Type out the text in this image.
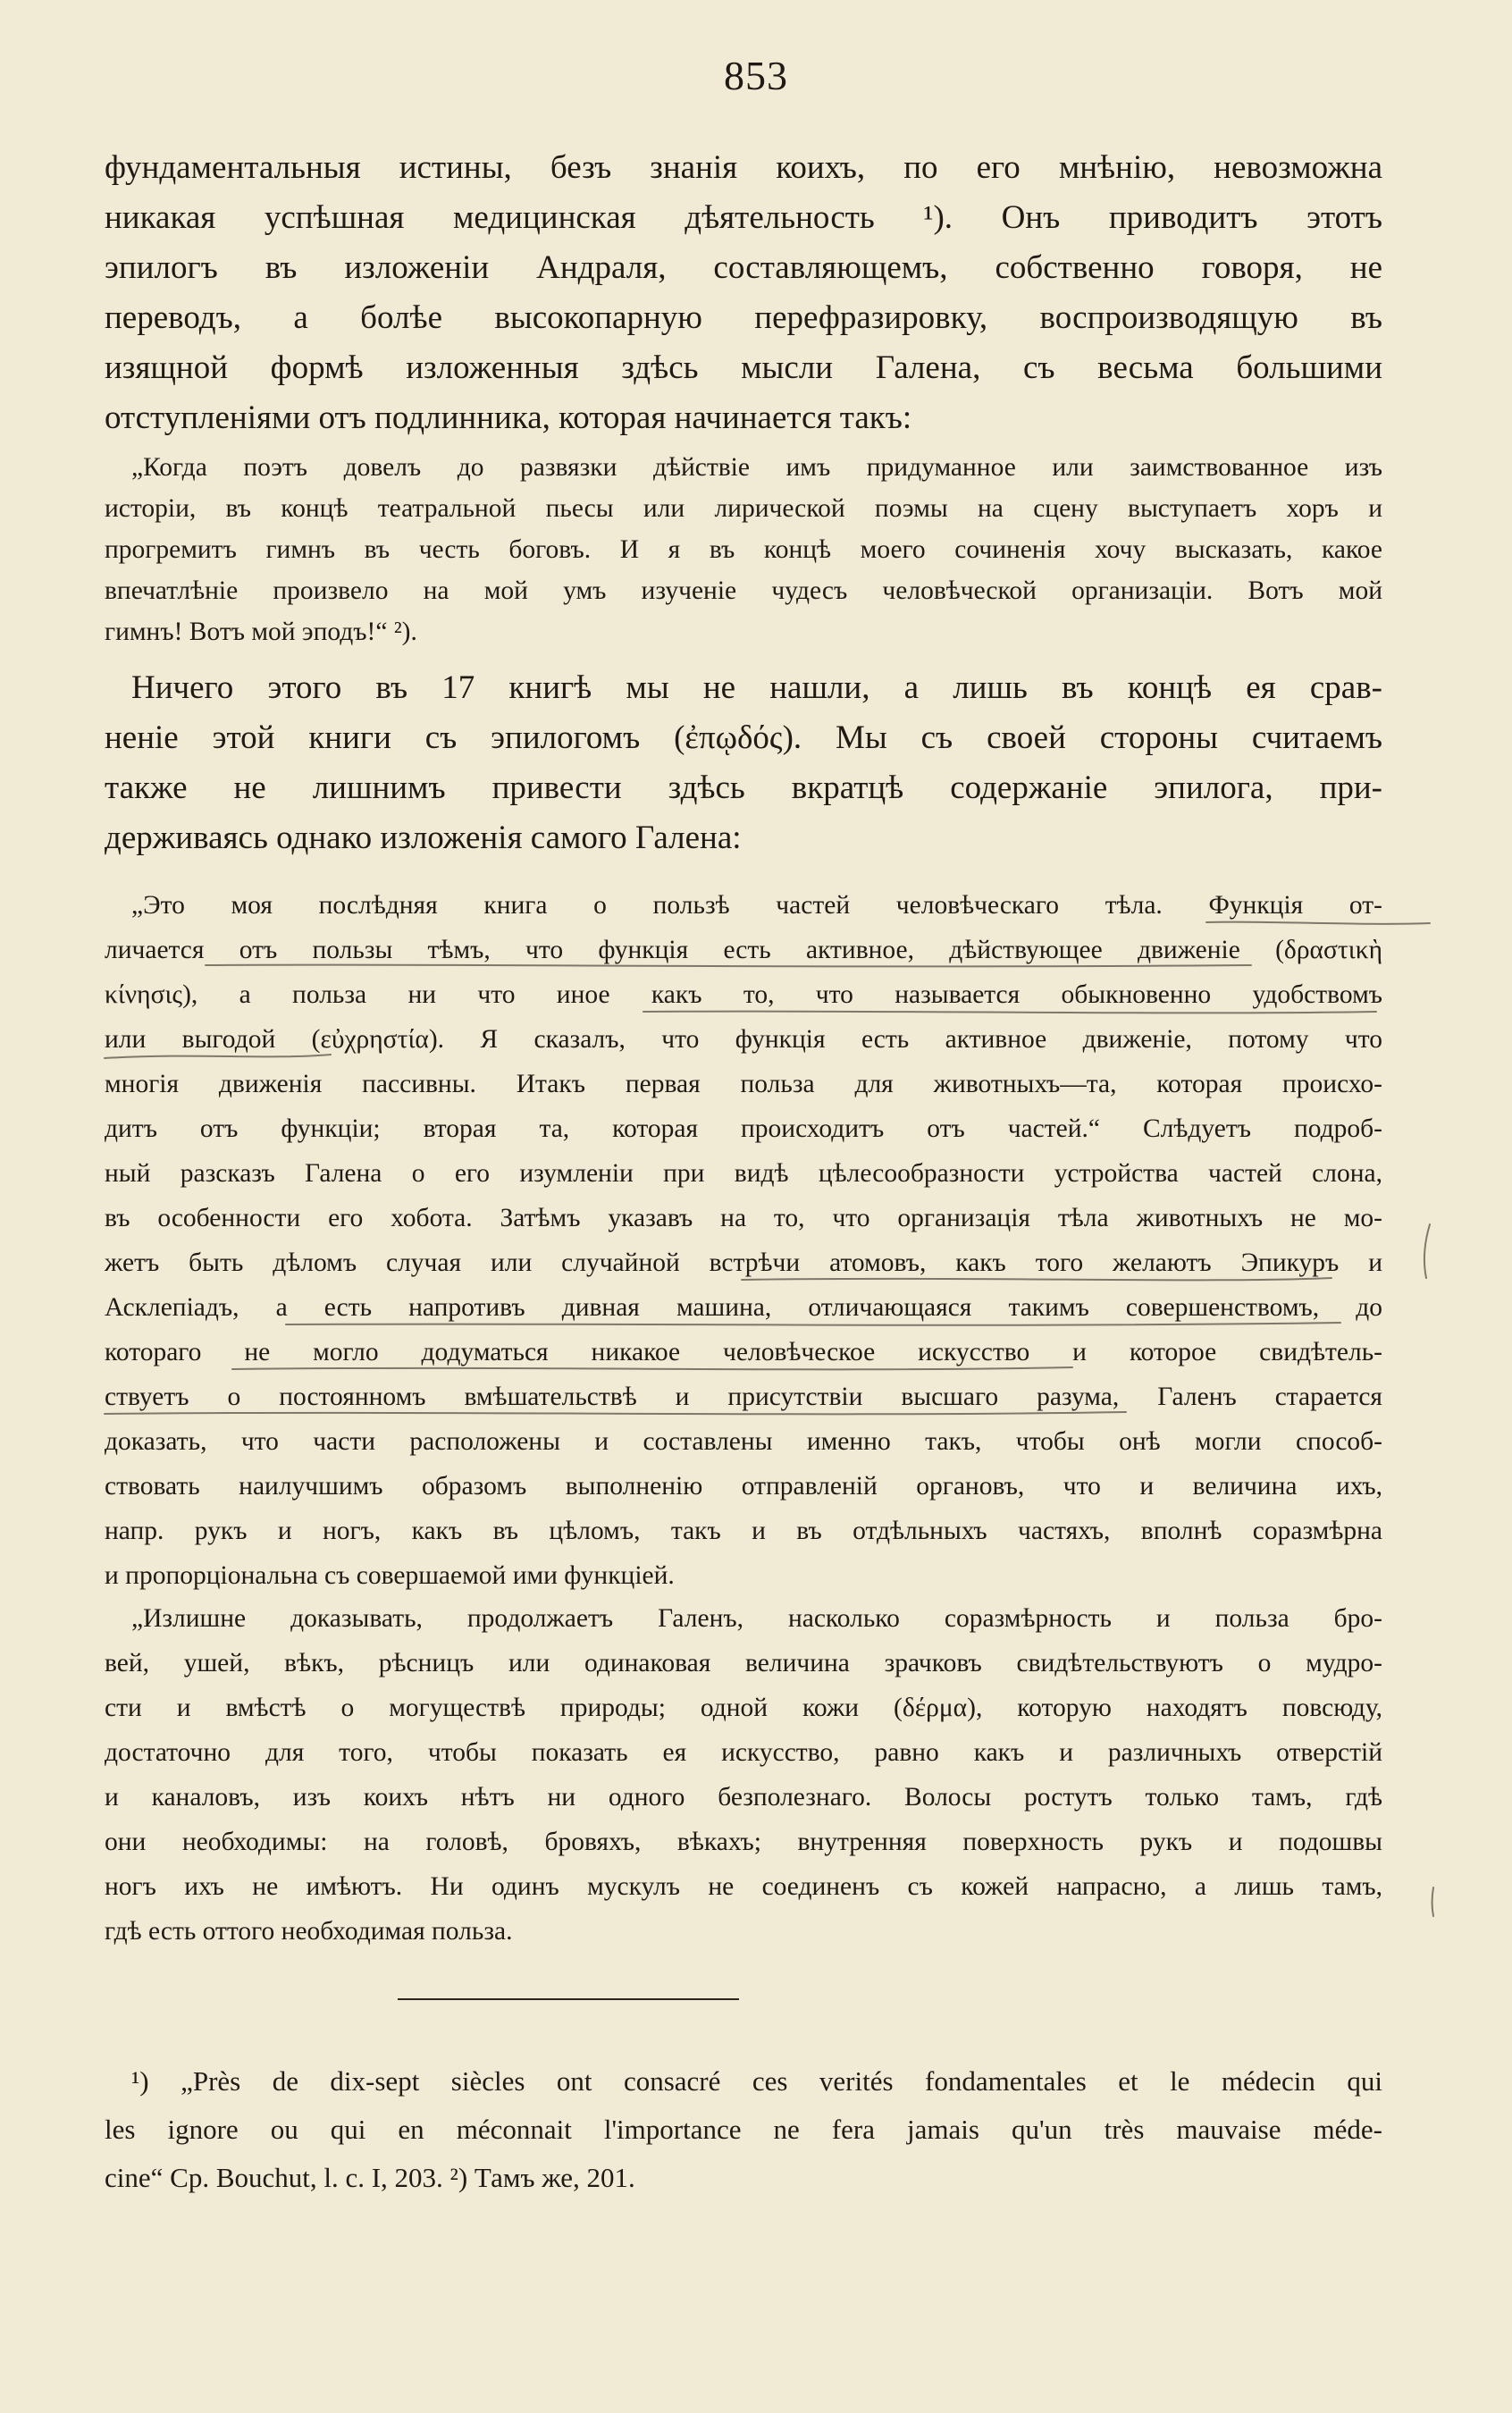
853
фундаментальныя истины, безъ знанія коихъ, по его мнѣнію, невозможна
никакая успѣшная медицинская дѣятельность ¹). Онъ приводитъ этотъ
эпилогъ въ изложеніи Андраля, составляющемъ, собственно говоря, не
переводъ, а болѣе высокопарную перефразировку, воспроизводящую въ
изящной формѣ изложенныя здѣсь мысли Галена, съ весьма большими
отступленіями отъ подлинника, которая начинается такъ:
„Когда поэтъ довелъ до развязки дѣйствіе имъ придуманное или заимствованное изъ
исторіи, въ концѣ театральной пьесы или лирической поэмы на сцену выступаетъ хоръ и
прогремитъ гимнъ въ честь боговъ. И я въ концѣ моего сочиненія хочу высказать, какое
впечатлѣніе произвело на мой умъ изученіе чудесъ человѣческой организаціи. Вотъ мой
гимнъ! Вотъ мой эподъ!“ ²).
Ничего этого въ 17 книгѣ мы не нашли, а лишь въ концѣ ея срав-
неніе этой книги съ эпилогомъ (ἐπῳδός). Мы съ своей стороны считаемъ
также не лишнимъ привести здѣсь вкратцѣ содержаніе эпилога, при-
держиваясь однако изложенія самого Галена:
„Это моя послѣдняя книга о пользѣ частей человѣческаго тѣла. Функція от-
личается отъ пользы тѣмъ, что функція есть активное, дѣйствующее движеніе (δραστικὴ
κίνησις), а польза ни что иное какъ то, что называется обыкновенно удобствомъ
или выгодой (εὐχρηστία). Я сказалъ, что функція есть активное движеніе, потому что
многія движенія пассивны. Итакъ первая польза для животныхъ—та, которая происхо-
дитъ отъ функціи; вторая та, которая происходитъ отъ частей.“ Слѣдуетъ подроб-
ный разсказъ Галена о его изумленіи при видѣ цѣлесообразности устройства частей слона,
въ особенности его хобота. Затѣмъ указавъ на то, что организація тѣла животныхъ не мо-
жетъ быть дѣломъ случая или случайной встрѣчи атомовъ, какъ того желаютъ Эпикуръ и
Асклепіадъ, а есть напротивъ дивная машина, отличающаяся такимъ совершенствомъ, до
котораго не могло додуматься никакое человѣческое искусство и которое свидѣтель-
ствуетъ о постоянномъ вмѣшательствѣ и присутствіи высшаго разума, Галенъ старается
доказать, что части расположены и составлены именно такъ, чтобы онѣ могли способ-
ствовать наилучшимъ образомъ выполненію отправленій органовъ, что и величина ихъ,
напр. рукъ и ногъ, какъ въ цѣломъ, такъ и въ отдѣльныхъ частяхъ, вполнѣ соразмѣрна
и пропорціональна съ совершаемой ими функціей.
„Излишне доказывать, продолжаетъ Галенъ, насколько соразмѣрность и польза бро-
вей, ушей, вѣкъ, рѣсницъ или одинаковая величина зрачковъ свидѣтельствуютъ о мудро-
сти и вмѣстѣ о могуществѣ природы; одной кожи (δέρμα), которую находятъ повсюду,
достаточно для того, чтобы показать ея искусство, равно какъ и различныхъ отверстій
и каналовъ, изъ коихъ нѣтъ ни одного безполезнаго. Волосы ростутъ только тамъ, гдѣ
они необходимы: на головѣ, бровяхъ, вѣкахъ; внутренняя поверхность рукъ и подошвы
ногъ ихъ не имѣютъ. Ни одинъ мускулъ не соединенъ съ кожей напрасно, а лишь тамъ,
гдѣ есть оттого необходимая польза.
¹) „Près de dix-sept siècles ont consacré ces verités fondamentales et le médecin qui
les ignore ou qui en méconnait l'importance ne fera jamais qu'un très mauvaise méde-
cine“ Ср. Bouchut, l. c. I, 203. ²) Тамъ же, 201.
